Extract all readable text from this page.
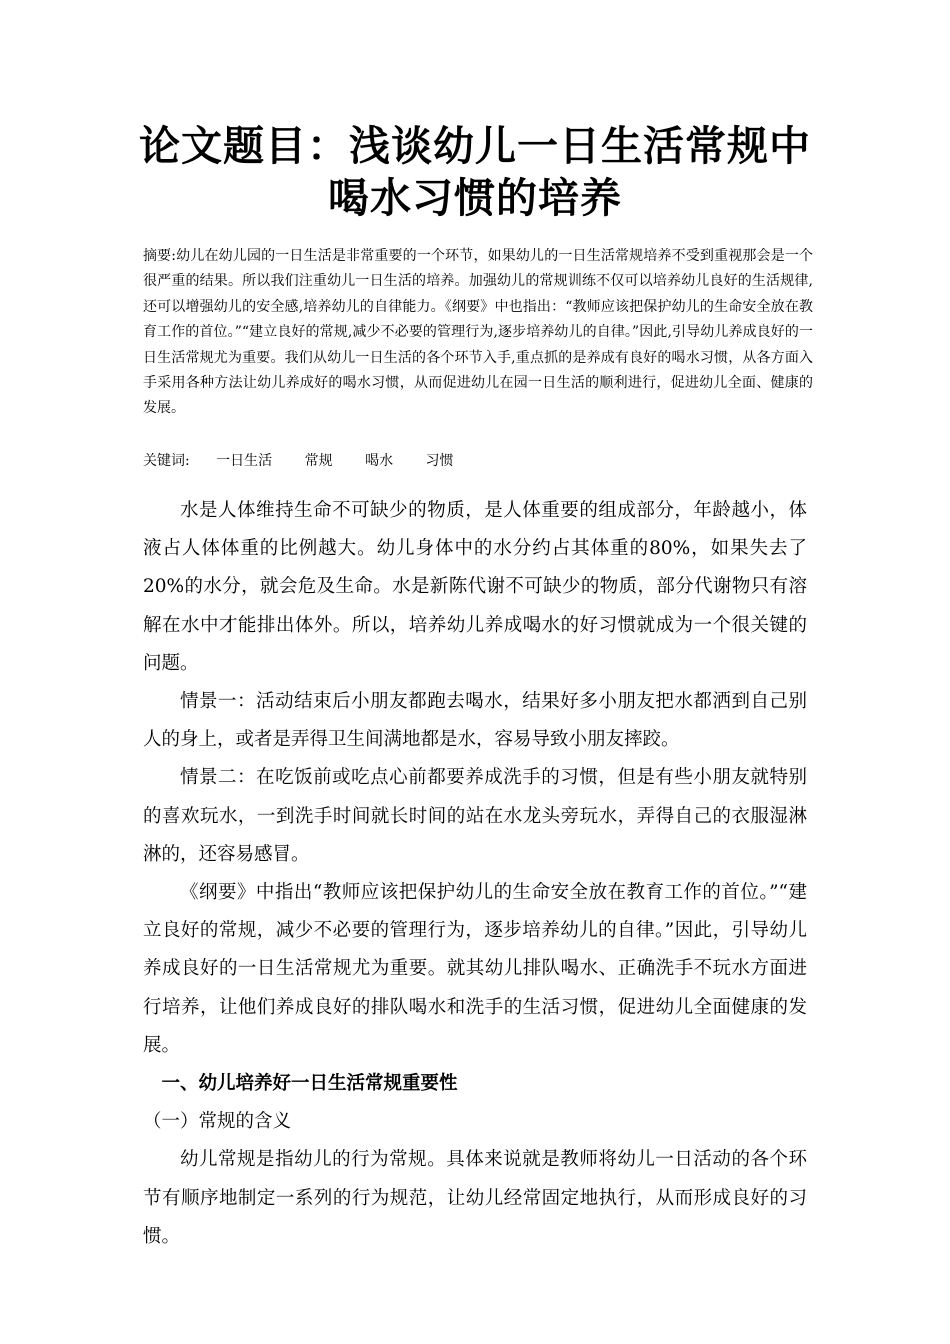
论文题目：浅谈幼儿一日生活常规中
喝水习惯的培养
摘要:幼儿在幼儿园的一日生活是非常重要的一个环节，如果幼儿的一日生活常规培养不受到重视那会是一个很严重的结果。所以我们注重幼儿一日生活的培养。加强幼儿的常规训练不仅可以培养幼儿良好的生活规律,还可以增强幼儿的安全感,培养幼儿的自律能力。《纲要》中也指出：“教师应该把保护幼儿的生命安全放在教育工作的首位。”“建立良好的常规,减少不必要的管理行为,逐步培养幼儿的自律。”因此,引导幼儿养成良好的一日生活常规尤为重要。我们从幼儿一日生活的各个环节入手,重点抓的是养成有良好的喝水习惯，从各方面入手采用各种方法让幼儿养成好的喝水习惯，从而促进幼儿在园一日生活的顺利进行，促进幼儿全面、健康的发展。
关键词: 一日生活 常规 喝水 习惯

水是人体维持生命不可缺少的物质，是人体重要的组成部分，年龄越小，体液占人体体重的比例越大。幼儿身体中的水分约占其体重的80%，如果失去了20%的水分，就会危及生命。水是新陈代谢不可缺少的物质，部分代谢物只有溶解在水中才能排出体外。所以，培养幼儿养成喝水的好习惯就成为一个很关键的问题。

情景一：活动结束后小朋友都跑去喝水，结果好多小朋友把水都洒到自己别人的身上，或者是弄得卫生间满地都是水，容易导致小朋友摔跤。

情景二：在吃饭前或吃点心前都要养成洗手的习惯，但是有些小朋友就特别的喜欢玩水，一到洗手时间就长时间的站在水龙头旁玩水，弄得自己的衣服湿淋淋的，还容易感冒。

《纲要》中指出“教师应该把保护幼儿的生命安全放在教育工作的首位。”“建立良好的常规，减少不必要的管理行为，逐步培养幼儿的自律。”因此，引导幼儿养成良好的一日生活常规尤为重要。就其幼儿排队喝水、正确洗手不玩水方面进行培养，让他们养成良好的排队喝水和洗手的生活习惯，促进幼儿全面健康的发展。

一、幼儿培养好一日生活常规重要性

（一）常规的含义

幼儿常规是指幼儿的行为常规。具体来说就是教师将幼儿一日活动的各个环节有顺序地制定一系列的行为规范，让幼儿经常固定地执行，从而形成良好的习惯。
